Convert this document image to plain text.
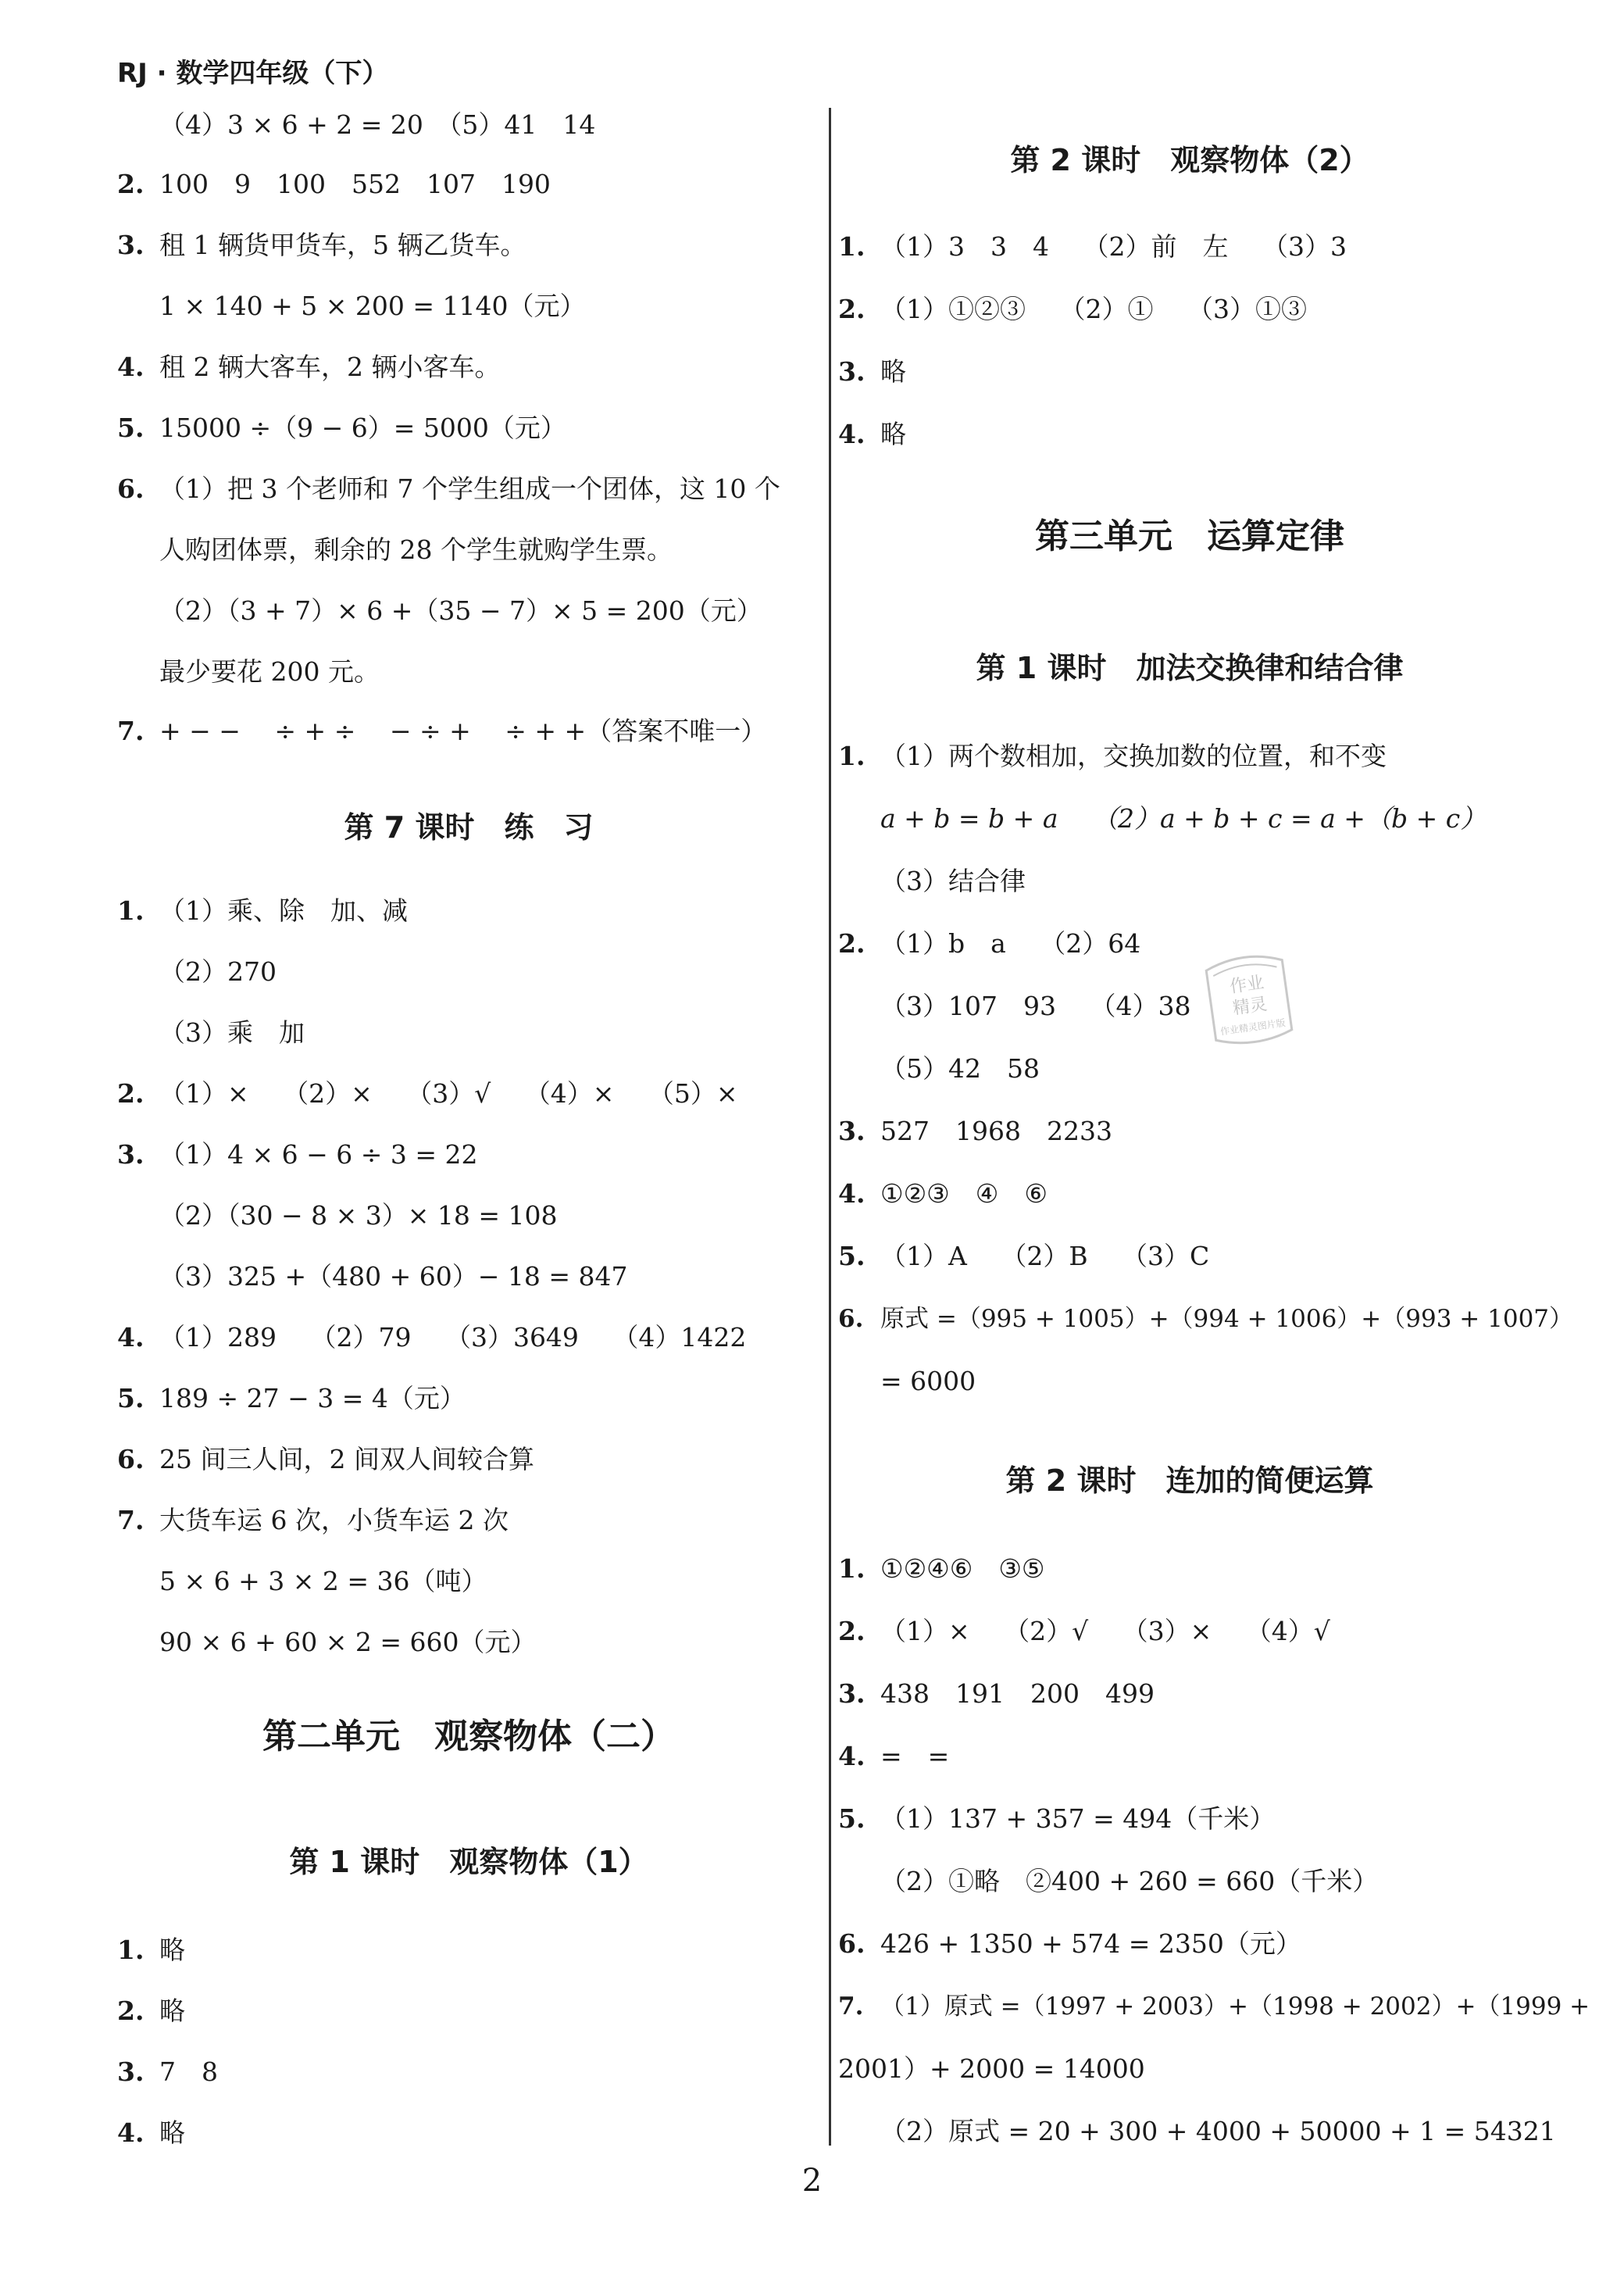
RJ · 数学四年级（下）
（4）3 × 6 + 2 = 20　（5）41　14
2. 100　9　100　552　107　190
3. 租 1 辆货甲货车，5 辆乙货车。
1 × 140 + 5 × 200 = 1140（元）
4. 租 2 辆大客车，2 辆小客车。
5. 15000 ÷（9 − 6）= 5000（元）
6. （1）把 3 个老师和 7 个学生组成一个团体，这 10 个
人购团体票，剩余的 28 个学生就购学生票。
（2）（3 + 7）× 6 +（35 − 7）× 5 = 200（元）
最少要花 200 元。
7. + − −　 ÷ + ÷　 − ÷ +　 ÷ + +（答案不唯一）
第 7 课时　练　习
1. （1）乘、除　加、减
（2）270
（3）乘　加
2. （1）×　 （2）×　 （3）√　 （4）×　 （5）×
3. （1）4 × 6 − 6 ÷ 3 = 22
（2）（30 − 8 × 3）× 18 = 108
（3）325 +（480 + 60）− 18 = 847
4. （1）289　 （2）79　 （3）3649　 （4）1422
5. 189 ÷ 27 − 3 = 4（元）
6. 25 间三人间，2 间双人间较合算
7. 大货车运 6 次，小货车运 2 次
5 × 6 + 3 × 2 = 36（吨）
90 × 6 + 60 × 2 = 660（元）
第二单元　观察物体（二）
第 1 课时　观察物体（1）
1. 略
2. 略
3. 7　8
4. 略
第 2 课时　观察物体（2）
1. （1）3　3　4　 （2）前　左　 （3）3
2. （1）①②③　 （2）①　 （3）①③
3. 略
4. 略
第三单元　运算定律
第 1 课时　加法交换律和结合律
1. （1）两个数相加，交换加数的位置，和不变
a + b = b + a　 （2）a + b + c = a +（b + c）
（3）结合律
2. （1）b　a　 （2）64
（3）107　93　 （4）38
（5）42　58
3. 527　1968　2233
4. ①②③　④　⑥
5. （1）A　 （2）B　 （3）C
6. 原式 =（995 + 1005）+（994 + 1006）+（993 + 1007）
= 6000
第 2 课时　连加的简便运算
1. ①②④⑥　③⑤
2. （1）×　 （2）√　 （3）×　 （4）√
3. 438　191　200　499
4. =　=
5. （1）137 + 357 = 494（千米）
（2）①略　②400 + 260 = 660（千米）
6. 426 + 1350 + 574 = 2350（元）
7. （1）原式 =（1997 + 2003）+（1998 + 2002）+（1999 +
2001）+ 2000 = 14000
（2）原式 = 20 + 300 + 4000 + 50000 + 1 = 54321
作业
精灵
作业精灵图片版
2
